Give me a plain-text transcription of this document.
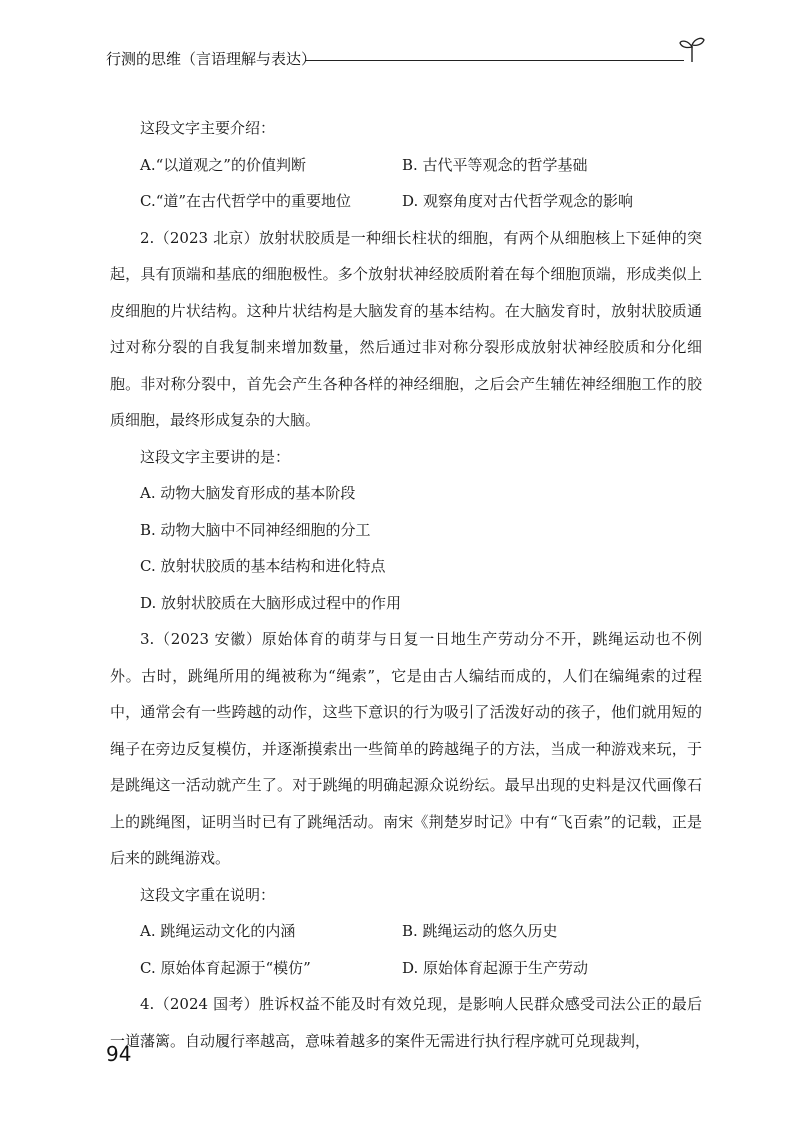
行测的思维（言语理解与表达）

这段文字主要介绍：

A.“以道观之”的价值判断	B. 古代平等观念的哲学基础
C.“道”在古代哲学中的重要地位	D. 观察角度对古代哲学观念的影响

2.（2023 北京）放射状胶质是一种细长柱状的细胞，有两个从细胞核上下延伸的突起，具有顶端和基底的细胞极性。多个放射状神经胶质附着在每个细胞顶端，形成类似上皮细胞的片状结构。这种片状结构是大脑发育的基本结构。在大脑发育时，放射状胶质通过对称分裂的自我复制来增加数量，然后通过非对称分裂形成放射状神经胶质和分化细胞。非对称分裂中，首先会产生各种各样的神经细胞，之后会产生辅佐神经细胞工作的胶质细胞，最终形成复杂的大脑。

这段文字主要讲的是：

A. 动物大脑发育形成的基本阶段

B. 动物大脑中不同神经细胞的分工

C. 放射状胶质的基本结构和进化特点

D. 放射状胶质在大脑形成过程中的作用

3.（2023 安徽）原始体育的萌芽与日复一日地生产劳动分不开，跳绳运动也不例外。古时，跳绳所用的绳被称为“绳索”，它是由古人编结而成的，人们在编绳索的过程中，通常会有一些跨越的动作，这些下意识的行为吸引了活泼好动的孩子，他们就用短的绳子在旁边反复模仿，并逐渐摸索出一些简单的跨越绳子的方法，当成一种游戏来玩，于是跳绳这一活动就产生了。对于跳绳的明确起源众说纷纭。最早出现的史料是汉代画像石上的跳绳图，证明当时已有了跳绳活动。南宋《荆楚岁时记》中有“飞百索”的记载，正是后来的跳绳游戏。

这段文字重在说明：

A. 跳绳运动文化的内涵	B. 跳绳运动的悠久历史
C. 原始体育起源于“模仿”	D. 原始体育起源于生产劳动

4.（2024 国考）胜诉权益不能及时有效兑现，是影响人民群众感受司法公正的最后一道藩篱。自动履行率越高，意味着越多的案件无需进行执行程序就可兑现裁判，

94
